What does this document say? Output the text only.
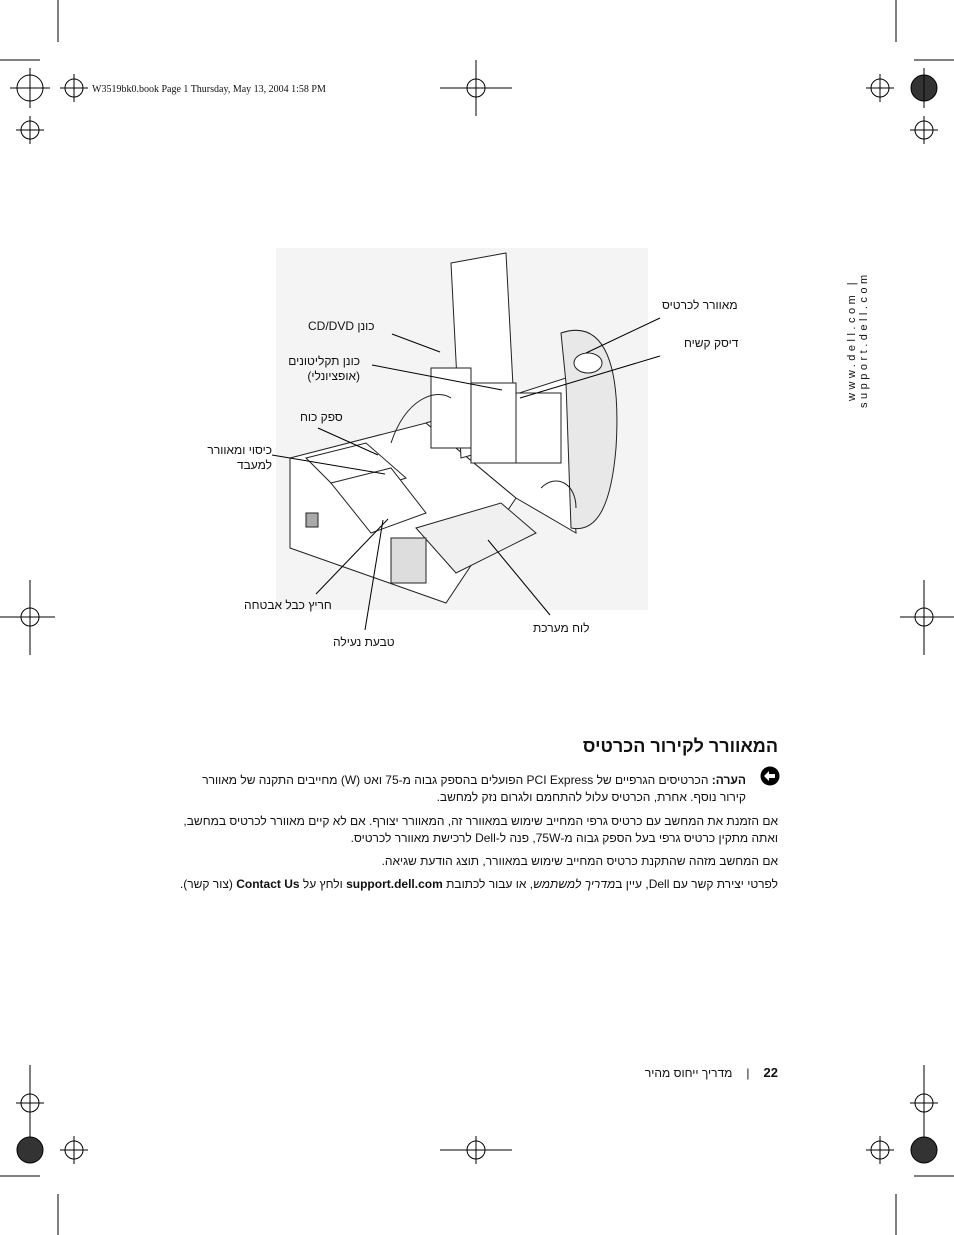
W3519bk0.book Page 1 Thursday, May 13, 2004 1:58 PM
www.dell.com | support.dell.com
מאוורר לכרטיס
דיסק קשיח
כונן CD/DVD
כונן תקליטונים
(אופציונלי)
ספק כוח
כיסוי ומאוורר
למעבד
חריץ כבל אבטחה
טבעת נעילה
לוח מערכת
המאוורר לקירור הכרטיס
הערה: הכרטיסים הגרפיים של PCI Express הפועלים בהספק גבוה מ-75 ואט (W) מחייבים התקנה של מאוורר קירור נוסף. אחרת, הכרטיס עלול להתחמם ולגרום נזק למחשב.
אם הזמנת את המחשב עם כרטיס גרפי המחייב שימוש במאוורר זה, המאוורר יצורף. אם לא קיים מאוורר לכרטיס במחשב, ואתה מתקין כרטיס גרפי בעל הספק גבוה מ-75W, פנה ל-Dell לרכישת מאוורר לכרטיס.
אם המחשב מזהה שהתקנת כרטיס המחייב שימוש במאוורר, תוצג הודעת שגיאה.
לפרטי יצירת קשר עם Dell, עיין במדריך למשתמש, או עבור לכתובת support.dell.com ולחץ על Contact Us (צור קשר).
22|מדריך ייחוס מהיר
